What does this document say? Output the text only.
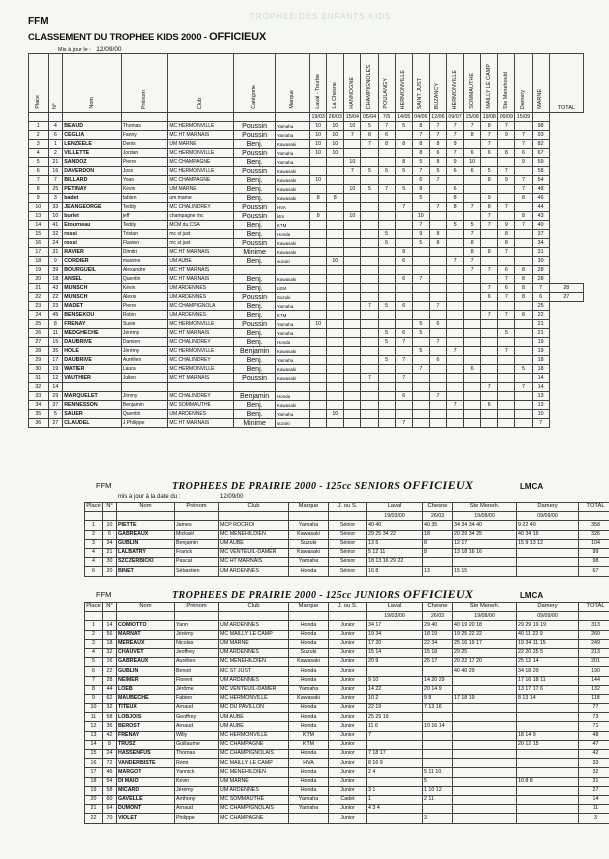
FFM	TROPHEE DES ENFANTS KIDS
CLASSEMENT DU TROPHEE KIDS 2000 - OFFICIEUX
Mis à jour le : 12/09/00
Place	N°	Nom	Prénom	Club	Catégorie	Marque	Laval - Tourbe	La Chesne	HANNOGNE	CHAMPIGNOLES	POULANGY	HERMONVILLE	SAINT JUST	BUZANCY	HERMONVILLE	SOMMAUTHE	MAILLY LE CAMP	Ste Menehould	Damery	MARNE	TOTAL
							19/03	26/03	15/04	05/04	7/5	14/05	04/06	12/06	09/07	15/08	19/08	09/09	15/09		
1	4	BEAUD	Thomas	MC HERMONVILLE	Poussin	Yamaha	10	10	10	5	7	5	8	7	7	7	8	7		98	
2	6	CEGLIA	Fanny	MC HT MARNAIS	Poussin	Yamaha	10	10	7	8	6		7	7	7	8	7	9	7	93	
3	1	LENZEELE	Denis	UM MARNE	Benj.	Kawasaki	10	10		7	8	8	8	8	9		7		7	82	
4	2	VILLETTE	Jordan	MC HERMONVILLE	Poussin	Yamaha	10	10					8	6	7	6	6	8	6	67	
5	21	SANDOZ	Pierre	MC CHAMPAGNE	Benj.	Yamaha			10			8	5	8	9	10			9	59	
6	16	DAVERDON	Joss	MC HERMONVILLE	Poussin	Kawasaki			7	5	5	5	7	5	6	6	5	7		58	
7	7	BILLARD	Yoan	MC CHAMPAGNE	Benj.	Kawasaki	10						6	7			8	9	7	54	
8	25	PETINAY	Kevin	UM MARNE	Benj.	Kawasaki			10	5	7	5	8		6				7	48	
9	3	badet	fabien	um marne	Benj.	Kawasaki	8	8					5		8		9		8	46	
10	33	JEANGEORGE	Teddy	MC CHALINDREY	Poussin	HVA						7		7	8	7	8	7		44	
13	10	burlet	jeff	champagne mc	Poussin	ktm	8		10				10				7		8	43	
14	41	Etourneau	Teddy	MCM du CSA	Benj.	KTM							7		5	5	7	9	7	40	
15	32	rossi	Tristan	mc st just	Benj.	Honda					5		9	8		7		8		37	
16	24	rossi	Flavien	mc st just	Poussin	Kawasaki					5		5	8		8		8		34	
17	31	RAVIER	Dimitri	MC HT MARNAIS	Minime	Kawasaki						8				8	8	7		31	
18	9	CORDIER	maxime	UM AUBE	Benj.	suzuki		10				6			7	7				30	
19	39	BOURGUEIL	Alexandre	MC HT MARNAIS												7	7	6	8	28	
20	18	ANSEL	Quentin	MC HT MARNAIS	Benj.	Kawasaki						6	7					7	8	28	
21	43	MUNSCH	Kévin	UM ARDENNES	Benj.	LEM											7	6	8	7	28
22	22	MUNSCH	Alexis	UM ARDENNES	Poussin	Suzuki											6	7	8	6	27
23	23	MADET	Pierre	MC CHAMPIGNOLA	Benj.	Yamaha				7	5	6		7						25	
24	45	BENSEKOU	Robin	UM ARDENNES	Benj.	KTM											7	7	8	22	
25	8	FRENAY	Susie	MC HERMONVILLE	Poussin	Yamaha	10						5	6						21	
26	11	MEDGHECHE	Jérémy	MC HT MARNAIS	Benj.	Yamaha					5	6	5					5		21	
27	15	DAUBRIVE	Damien	MC CHALINDREY	Benj.	Honda					5	7		7						19	
28	35	HOLE	Jérémy	MC HERMONVILLE	Benjamin	Kawasaki							5		7			7		19	
29	17	DAUBRIVE	Aurélien	MC CHALINDREY	Benj.	Yamaha					5	7		6						18	
30	19	WATIER	Laura	MC HERMONVILLE	Benj.	Kawasaki							7			6			5	18	
31	12	VAUTHIER	Julien	MC HT MARNAIS	Poussin	Kawasaki				7		7								14	
32	14																7		7	14	
33	29	MARQUELET	Jimmy	MC CHALINDREY	Benjamin	Honda						6		7						13	
34	37	RENNESSON	Benjamin	MC SOMMAUTHE	Benj.	Kawasaki									7		6			13	
35	5	SAUER	Quentin	UM ARDENNES	Benj.	Yamaha		10												10	
36	27	CLAUDEL	J.Philippe	MC HT MARNAIS	Minime	suzuki						7								7	
FFM	TROPHEES DE PRAIRIE 2000 - 125cc SENIORS OFFICIEUX	LMCA
mis à jour à la date du :	12/09/00
Place	N°	Nom	Prénom	Club	Marque	J. ou S.	Laval	Chesne	Ste Meneh.	Damery	TOTAL
							19/03/00	26/03	19/08/00	09/09/00	
1	10	PIETTE	James	MCP ROCROI	Yamaha	Sénior	40 40	40 35	34 34 34 40	9 22 40	358
2	6	GABREAUX	Mickaël	MC MENEHILDIEN	Kawasaki	Sénior	29 25 34 22	18	20 29 34 25	40 34 16	326
3	34	GUBLIN	Benjamin	UM AUBE	Suzuki	Sénior	13 5	8	12 17	15 9 13 12	104
4	21	LALBATRY	Franck	MC VENTEUIL-DAMER	Kawasaki	Sénior	5 12 11	8	13 18 16 16		99
4	30	SZCZERBICKI	Pascal	MC HT MARNAIS	Yamaha	Sénior	18 13 16 29 22				98
6	20	BINET	Sébastien	UM ARDENNES	Honda	Sénior	16 8	13	15 15		67
FFM	TROPHEES DE PRAIRIE 2000 - 125cc JUNIORS OFFICIEUX	LMCA
Place	N°	Nom	Prénom	Club	Marque	J. ou S.	Laval	Chesne	Ste Meneh.	Damery	TOTAL
							19/03/00	26/03	19/08/00	09/09/00	
1	14	COMIOTTO	Yann	UM ARDENNES	Honda	Junior	34 17	29 40	40 19 20 18	29 29 19 19	313
2	56	MARNAT	Jérémy	MC MAILLY LE CAMP	Honda	Junior	19 34	18 19	19 25 22 22	40 11 22 9	260
3	18	MEREAUX	Nicolas	UM MARNE	Honda	Junior	17 20	22 34	25 16 19 17	19 34 11 15	249
4	32	CHAUVET	Jeoffrey	UM ARDENNES	Suzuki	Junior	15 14	15 18	29 25	22 20 25 5	213
5	16	GABREAUX	Aurélien	MC MENEHILDIEN	Kawasaki	Junior	20 9	25 17	20 22 17 20	25 12 14	201
6	22	GUBLIN	Benoit	MC ST JUST	Honda	Junior			40 40 29	34 18 29	190
7	28	NEIMER	Florent	UM ARDENNES	Honda	Junior	9 10	14 20 29		17 16 18 11	144
8	44	LOEB	Jérôme	MC VENTEUIL-DAMER	Yamaha	Junior	14 22	20 14 9		13 17 17 6	132
9	62	MAUBECHE	Fabien	MC HERMONVILLE	Kawasaki	Junior	10 2	9 8	17 18 19	8 13 14	118
10	32	TITEUX	Arnaud	MC DU PAVILLON	Honda	Junior	22 19	7 13 16			77
11	58	LOBJOIS	Geoffrey	UM AUBE	Honda	Junior	25 29 19				73
12	36	BEROST	Arnaud	UM AUBE	Honda	Junior	11 6	10 16 14			71
13	42	FRENAY	Willy	MC HERMONVILLE	KTM	Junior	7			18 14 9	48
14	8	TRUSZ	Guillaume	MC CHAMPAGNE	KTM	Junior				20 12 15	47
15	24	HASSENFUS	Thomas	MC CHAMPIGNOLAIS	Honda	Junior	7 18 17				42
16	72	VANDERBISTE	Rémi	MC MAILLY LE CAMP	HVA	Junior	8 16 9				33
17	46	MARGOT	Yannick	MC MENEHILDIEN	Honda	Junior	2 4	5 11 10			32
18	54	DI MAIO	Kevin	UM MARNE	Honda	Junior		5		10 8 8	31
19	58	MICARD	Jérémy	UM ARDENNES	Honda	Junior	3 1	1 10 12			27
20	60	GAVELLE	Anthony	MC SOMMAUTHE	Yamaha	Cadet	1	2 11			14
21	64	DUMONT	Arnaud	MC CHAMPIGNOLAIS	Yamaha	Junior	4 3 4				11
22	70	VIOLET	Philippe	MC CHAMPAGNE		Junior		3			3
